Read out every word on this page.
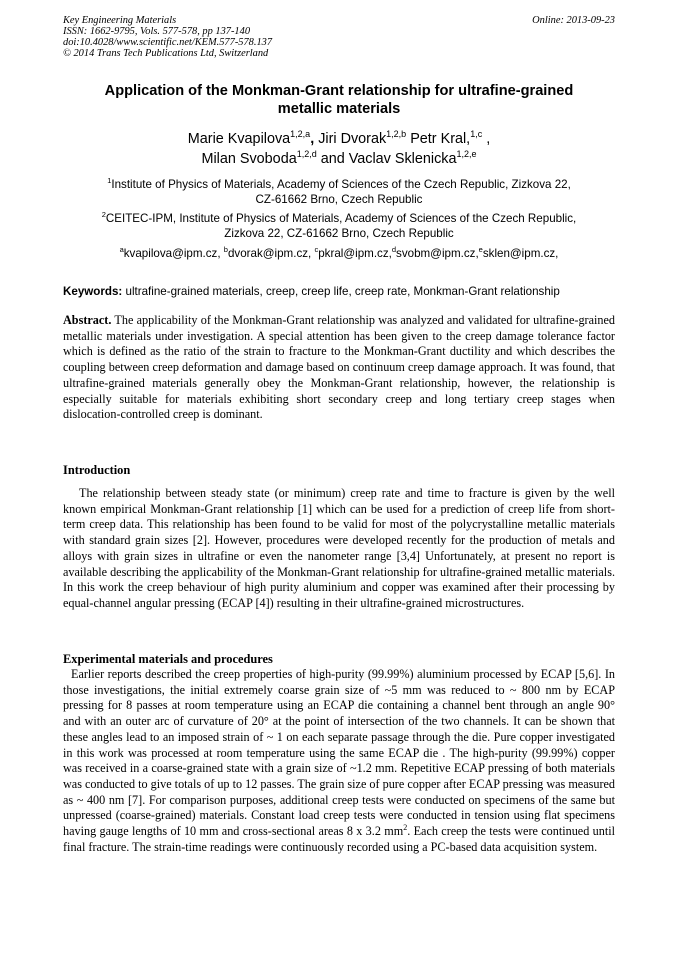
Key Engineering Materials
ISSN: 1662-9795, Vols. 577-578, pp 137-140
doi:10.4028/www.scientific.net/KEM.577-578.137
© 2014 Trans Tech Publications Ltd, Switzerland
Online: 2013-09-23
Application of the Monkman-Grant relationship for ultrafine-grained
metallic materials
Marie Kvapilova$^{1,2,a}$, Jiri Dvorak$^{1,2,b}$ Petr Kral,$^{1,c}$ ,
Milan Svoboda$^{1,2,d}$ and Vaclav Sklenicka$^{1,2,e}$
$^1$Institute of Physics of Materials, Academy of Sciences of the Czech Republic, Zizkova 22,
CZ-61662 Brno, Czech Republic
$^2$CEITEC-IPM, Institute of Physics of Materials, Academy of Sciences of the Czech Republic,
Zizkova 22, CZ-61662 Brno, Czech Republic
$^a$kvapilova@ipm.cz, $^b$dvorak@ipm.cz, $^c$pkral@ipm.cz,$^d$svobm@ipm.cz,$^e$sklen@ipm.cz,
Keywords: ultrafine-grained materials, creep, creep life, creep rate, Monkman-Grant relationship
Abstract. The applicability of the Monkman-Grant relationship was analyzed and validated for ultrafine-grained metallic materials under investigation. A special attention has been given to the creep damage tolerance factor which is defined as the ratio of the strain to fracture to the Monkman-Grant ductility and which describes the coupling between creep deformation and damage based on continuum creep damage approach. It was found, that ultrafine-grained materials generally obey the Monkman-Grant relationship, however, the relationship is especially suitable for materials exhibiting short secondary creep and long tertiary creep stages when dislocation-controlled creep is dominant.
Introduction
The relationship between steady state (or minimum) creep rate and time to fracture is given by the well known empirical Monkman-Grant relationship [1] which can be used for a prediction of creep life from short-term creep data. This relationship has been found to be valid for most of the polycrystalline metallic materials with standard grain sizes [2]. However, procedures were developed recently for the production of metals and alloys with grain sizes in ultrafine or even the nanometer range [3,4] Unfortunately, at present no report is available describing the applicability of the Monkman-Grant relationship for ultrafine-grained metallic materials. In this work the creep behaviour of high purity aluminium and copper was examined after their processing by equal-channel angular pressing (ECAP [4]) resulting in their ultrafine-grained microstructures.
Experimental materials and procedures
Earlier reports described the creep properties of high-purity (99.99%) aluminium processed by ECAP [5,6]. In those investigations, the initial extremely coarse grain size of ~5 mm was reduced to ~ 800 nm by ECAP pressing for 8 passes at room temperature using an ECAP die containing a channel bent through an angle 90° and with an outer arc of curvature of 20° at the point of intersection of the two channels. It can be shown that these angles lead to an imposed strain of ~ 1 on each separate passage through the die. Pure copper investigated in this work was processed at room temperature using the same ECAP die . The high-purity (99.99%) copper was received in a coarse-grained state with a grain size of ~1.2 mm. Repetitive ECAP pressing of both materials was conducted to give totals of up to 12 passes. The grain size of pure copper after ECAP pressing was measured as ~ 400 nm [7]. For comparison purposes, additional creep tests were conducted on specimens of the same but unpressed (coarse-grained) materials. Constant load creep tests were conducted in tension using flat specimens having gauge lengths of 10 mm and cross-sectional areas 8 x 3.2 $mm^2$. Each creep the tests were continued until final fracture. The strain-time readings were continuously recorded using a PC-based data acquisition system.
